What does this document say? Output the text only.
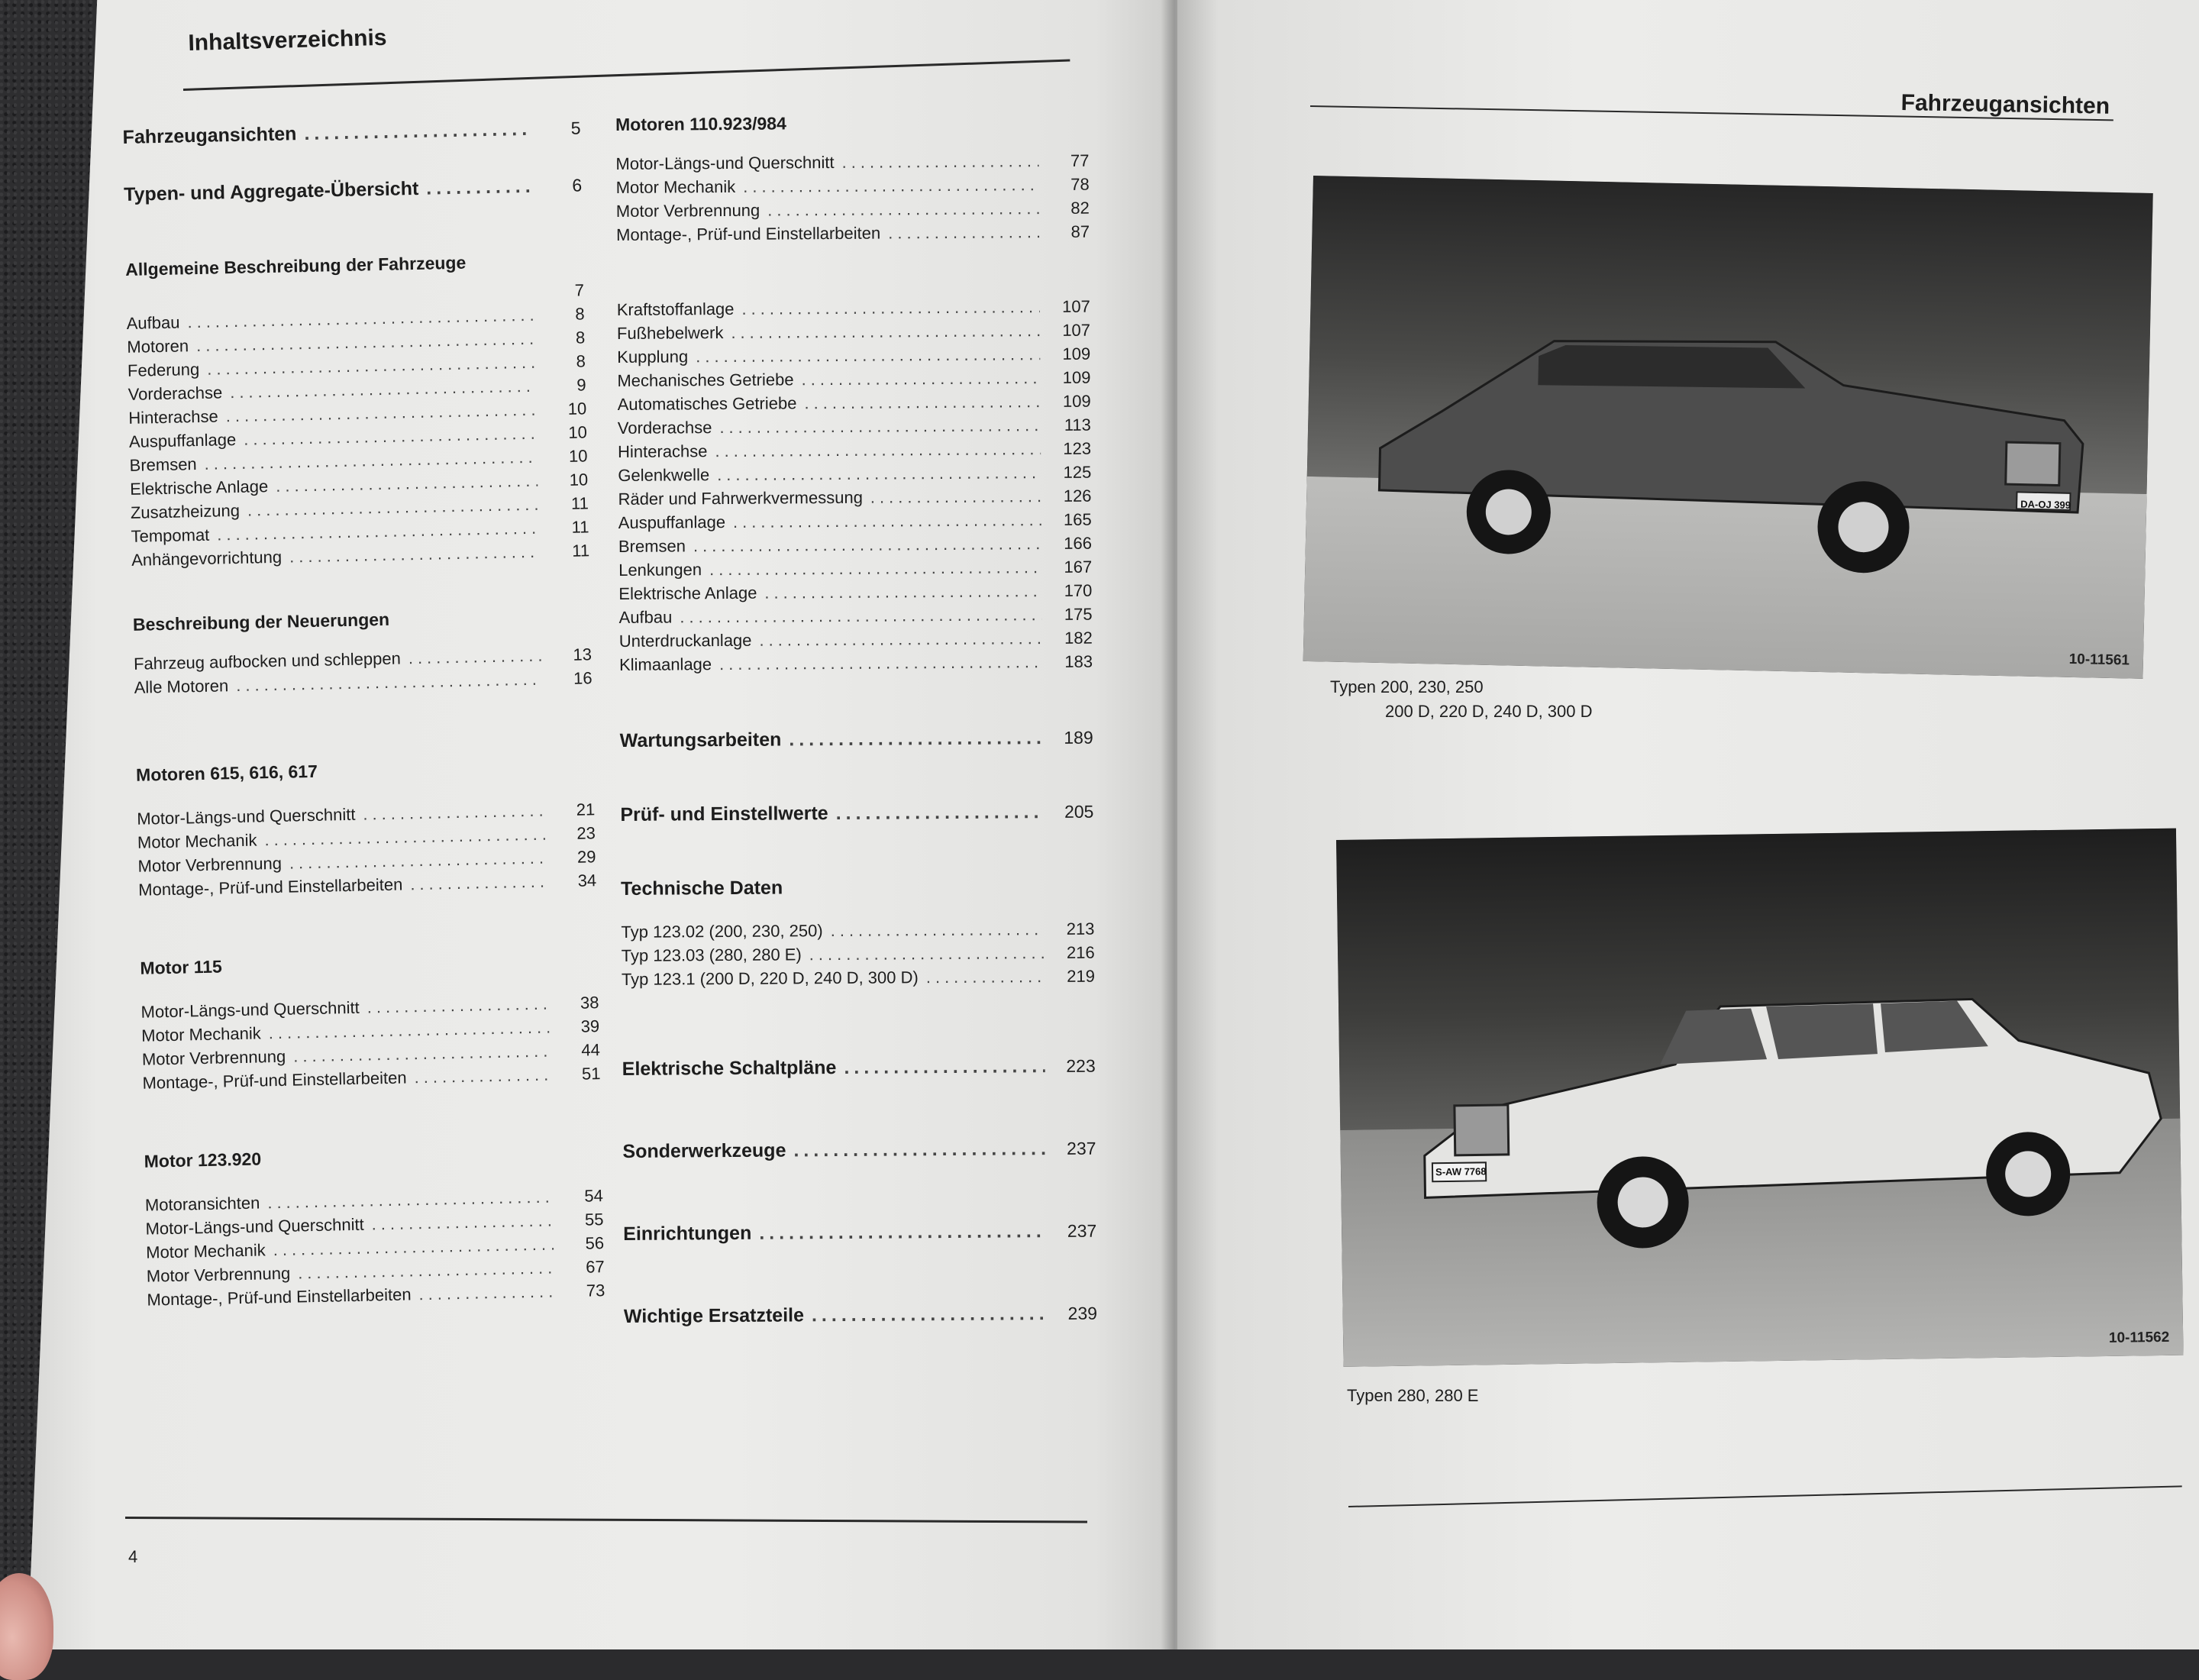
Inhaltsverzeichnis
Fahrzeugansichten .....	5
Typen- und Aggregate-Übersicht .....	6
Allgemeine Beschreibung der Fahrzeuge
7
Aufbau .....	8
Motoren .....	8
Federung .....	8
Vorderachse .....	9
Hinterachse .....	10
Auspuffanlage .....	10
Bremsen .....	10
Elektrische Anlage .....	10
Zusatzheizung .....	11
Tempomat .....	11
Anhängevorrichtung .....	11
Beschreibung der Neuerungen
Fahrzeug aufbocken und schleppen .....	13
Alle Motoren .....	16
Motoren 615, 616, 617
Motor-Längs-und Querschnitt .....	21
Motor Mechanik .....	23
Motor Verbrennung .....	29
Montage-, Prüf-und Einstellarbeiten .....	34
Motor 115
Motor-Längs-und Querschnitt .....	38
Motor Mechanik .....	39
Motor Verbrennung .....	44
Montage-, Prüf-und Einstellarbeiten .....	51
Motor 123.920
Motoransichten .....	54
Motor-Längs-und Querschnitt .....	55
Motor Mechanik .....	56
Motor Verbrennung .....	67
Montage-, Prüf-und Einstellarbeiten .....	73
Motoren 110.923/984
Motor-Längs-und Querschnitt .....	77
Motor Mechanik .....	78
Motor Verbrennung .....	82
Montage-, Prüf-und Einstellarbeiten .....	87
Kraftstoffanlage .....	107
Fußhebelwerk .....	107
Kupplung .....	109
Mechanisches Getriebe .....	109
Automatisches Getriebe .....	109
Vorderachse .....	113
Hinterachse .....	123
Gelenkwelle .....	125
Räder und Fahrwerkvermessung .....	126
Auspuffanlage .....	165
Bremsen .....	166
Lenkungen .....	167
Elektrische Anlage .....	170
Aufbau .....	175
Unterdruckanlage .....	182
Klimaanlage .....	183
Wartungsarbeiten .....	189
Prüf- und Einstellwerte .....	205
Technische Daten
Typ 123.02 (200, 230, 250) .....	213
Typ 123.03 (280, 280 E) .....	216
Typ 123.1 (200 D, 220 D, 240 D, 300 D) .....	219
Elektrische Schaltpläne .....	223
Sonderwerkzeuge .....	237
Einrichtungen .....	237
Wichtige Ersatzteile .....	239
4
Fahrzeugansichten
DA-OJ 399
10-11561
Typen 200, 230, 250
200 D, 220 D, 240 D, 300 D
S-AW 7768
10-11562
Typen 280, 280 E
